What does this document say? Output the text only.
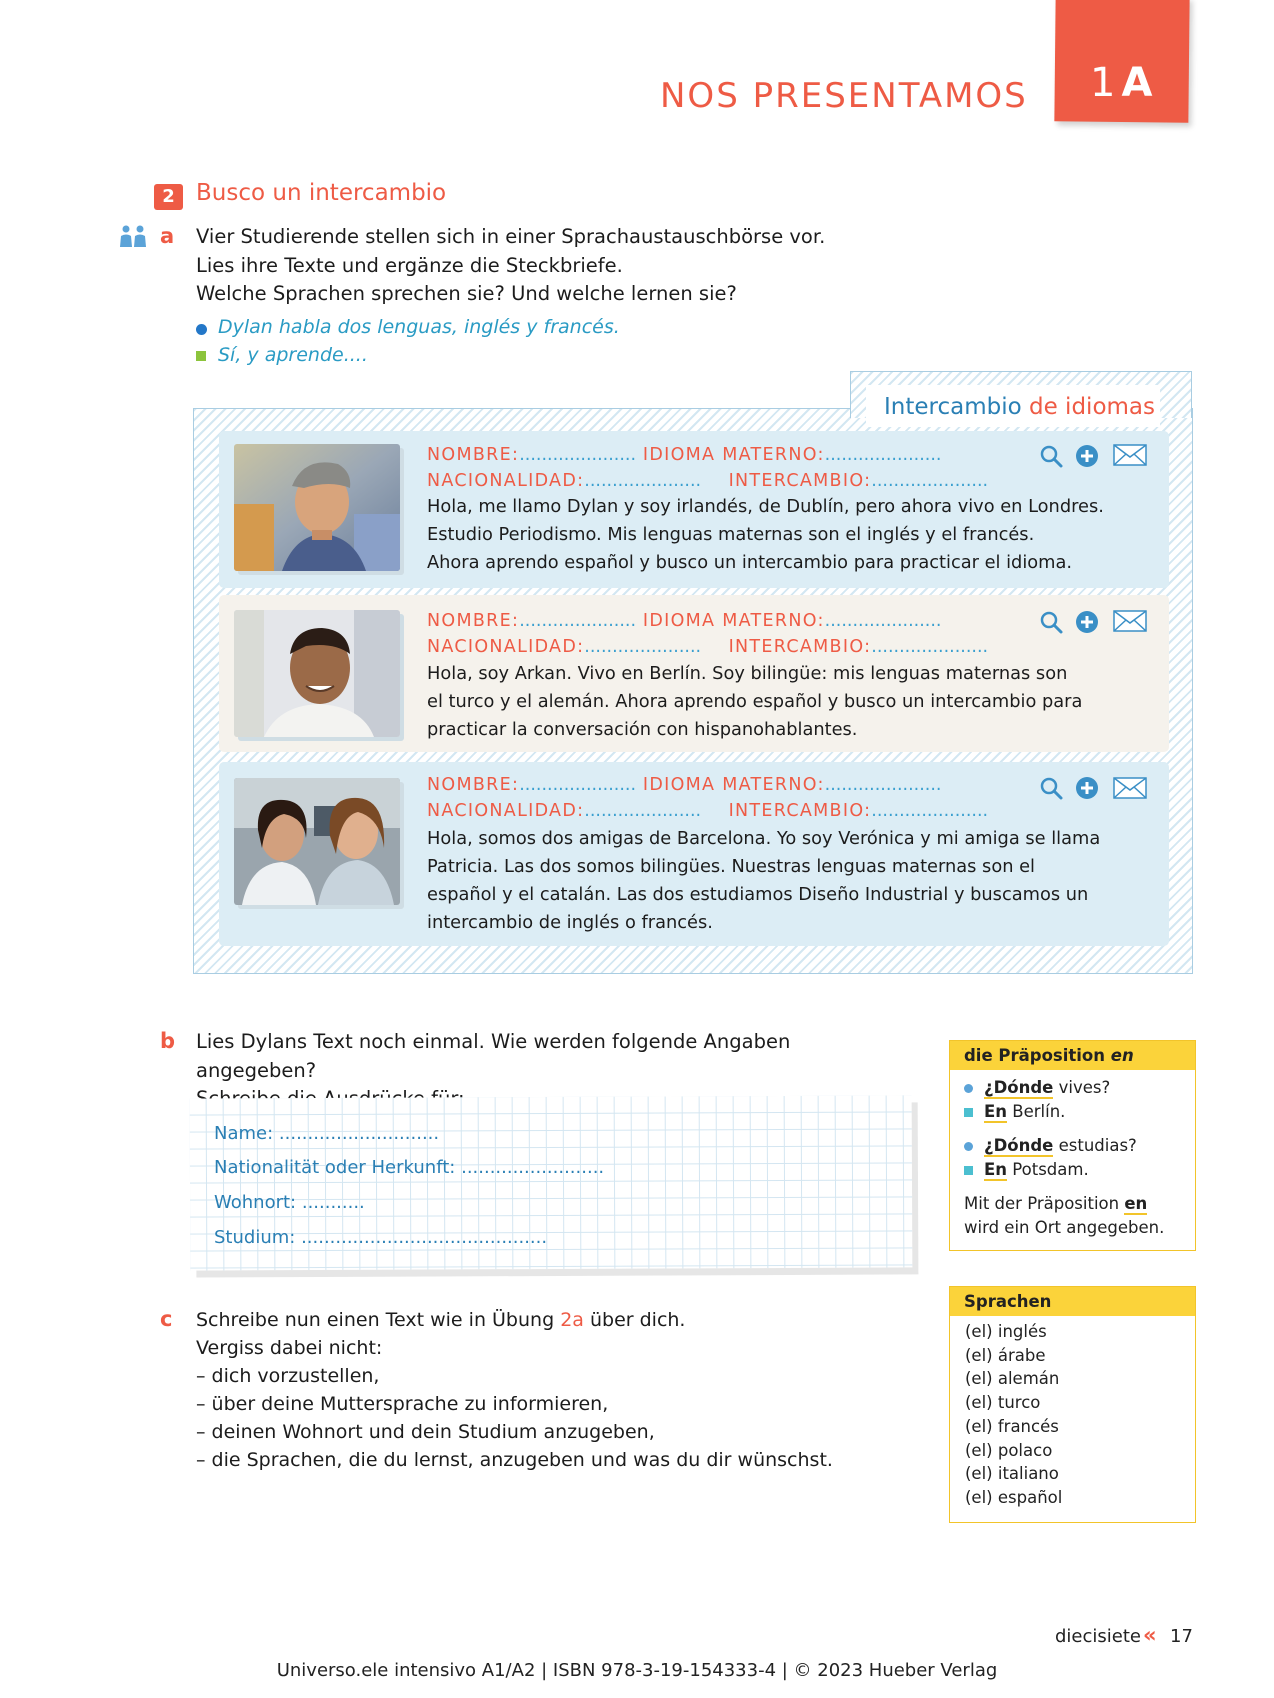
1 A
NOS PRESENTAMOS
2 Busco un intercambio
a Vier Studierende stellen sich in einer Sprachaustauschbörse vor.
Lies ihre Texte und ergänze die Steckbriefe.
Welche Sprachen sprechen sie? Und welche lernen sie?
Dylan habla dos lenguas, inglés y francés.
Sí, y aprende....
Intercambio de idiomas
NOMBRE:..................... IDIOMA MATERNO:.....................
NACIONALIDAD:..................... INTERCAMBIO:.....................
Hola, me llamo Dylan y soy irlandés, de Dublín, pero ahora vivo en Londres.
Estudio Periodismo. Mis lenguas maternas son el inglés y el francés.
Ahora aprendo español y busco un intercambio para practicar el idioma.
NOMBRE:..................... IDIOMA MATERNO:.....................
NACIONALIDAD:..................... INTERCAMBIO:.....................
Hola, soy Arkan. Vivo en Berlín. Soy bilingüe: mis lenguas maternas son
el turco y el alemán. Ahora aprendo español y busco un intercambio para
practicar la conversación con hispanohablantes.
NOMBRE:..................... IDIOMA MATERNO:.....................
NACIONALIDAD:..................... INTERCAMBIO:.....................
Hola, somos dos amigas de Barcelona. Yo soy Verónica y mi amiga se llama
Patricia. Las dos somos bilingües. Nuestras lenguas maternas son el
español y el catalán. Las dos estudiamos Diseño Industrial y buscamos un
intercambio de inglés o francés.
b Lies Dylans Text noch einmal. Wie werden folgende Angaben angegeben?
Name: ............................
Nationalität oder Herkunft: .........................
Wohnort: ...........
Studium: ...........................................
c Schreibe nun einen Text wie in Übung 2a über dich.
Vergiss dabei nicht:
– dich vorzustellen,
– über deine Muttersprache zu informieren,
– deinen Wohnort und dein Studium anzugeben,
– die Sprachen, die du lernst, anzugeben und was du dir wünschst.
die Präposition en
¿Dónde vives?
En Berlín.
¿Dónde estudias?
En Potsdam.
Mit der Präposition en
wird ein Ort angegeben.
Sprachen
(el) inglés
(el) árabe
(el) alemán
(el) turco
(el) francés
(el) polaco
(el) italiano
(el) español
diecisiete « 17
Universo.ele intensivo A1/A2 | ISBN 978-3-19-154333-4 | © 2023 Hueber Verlag
